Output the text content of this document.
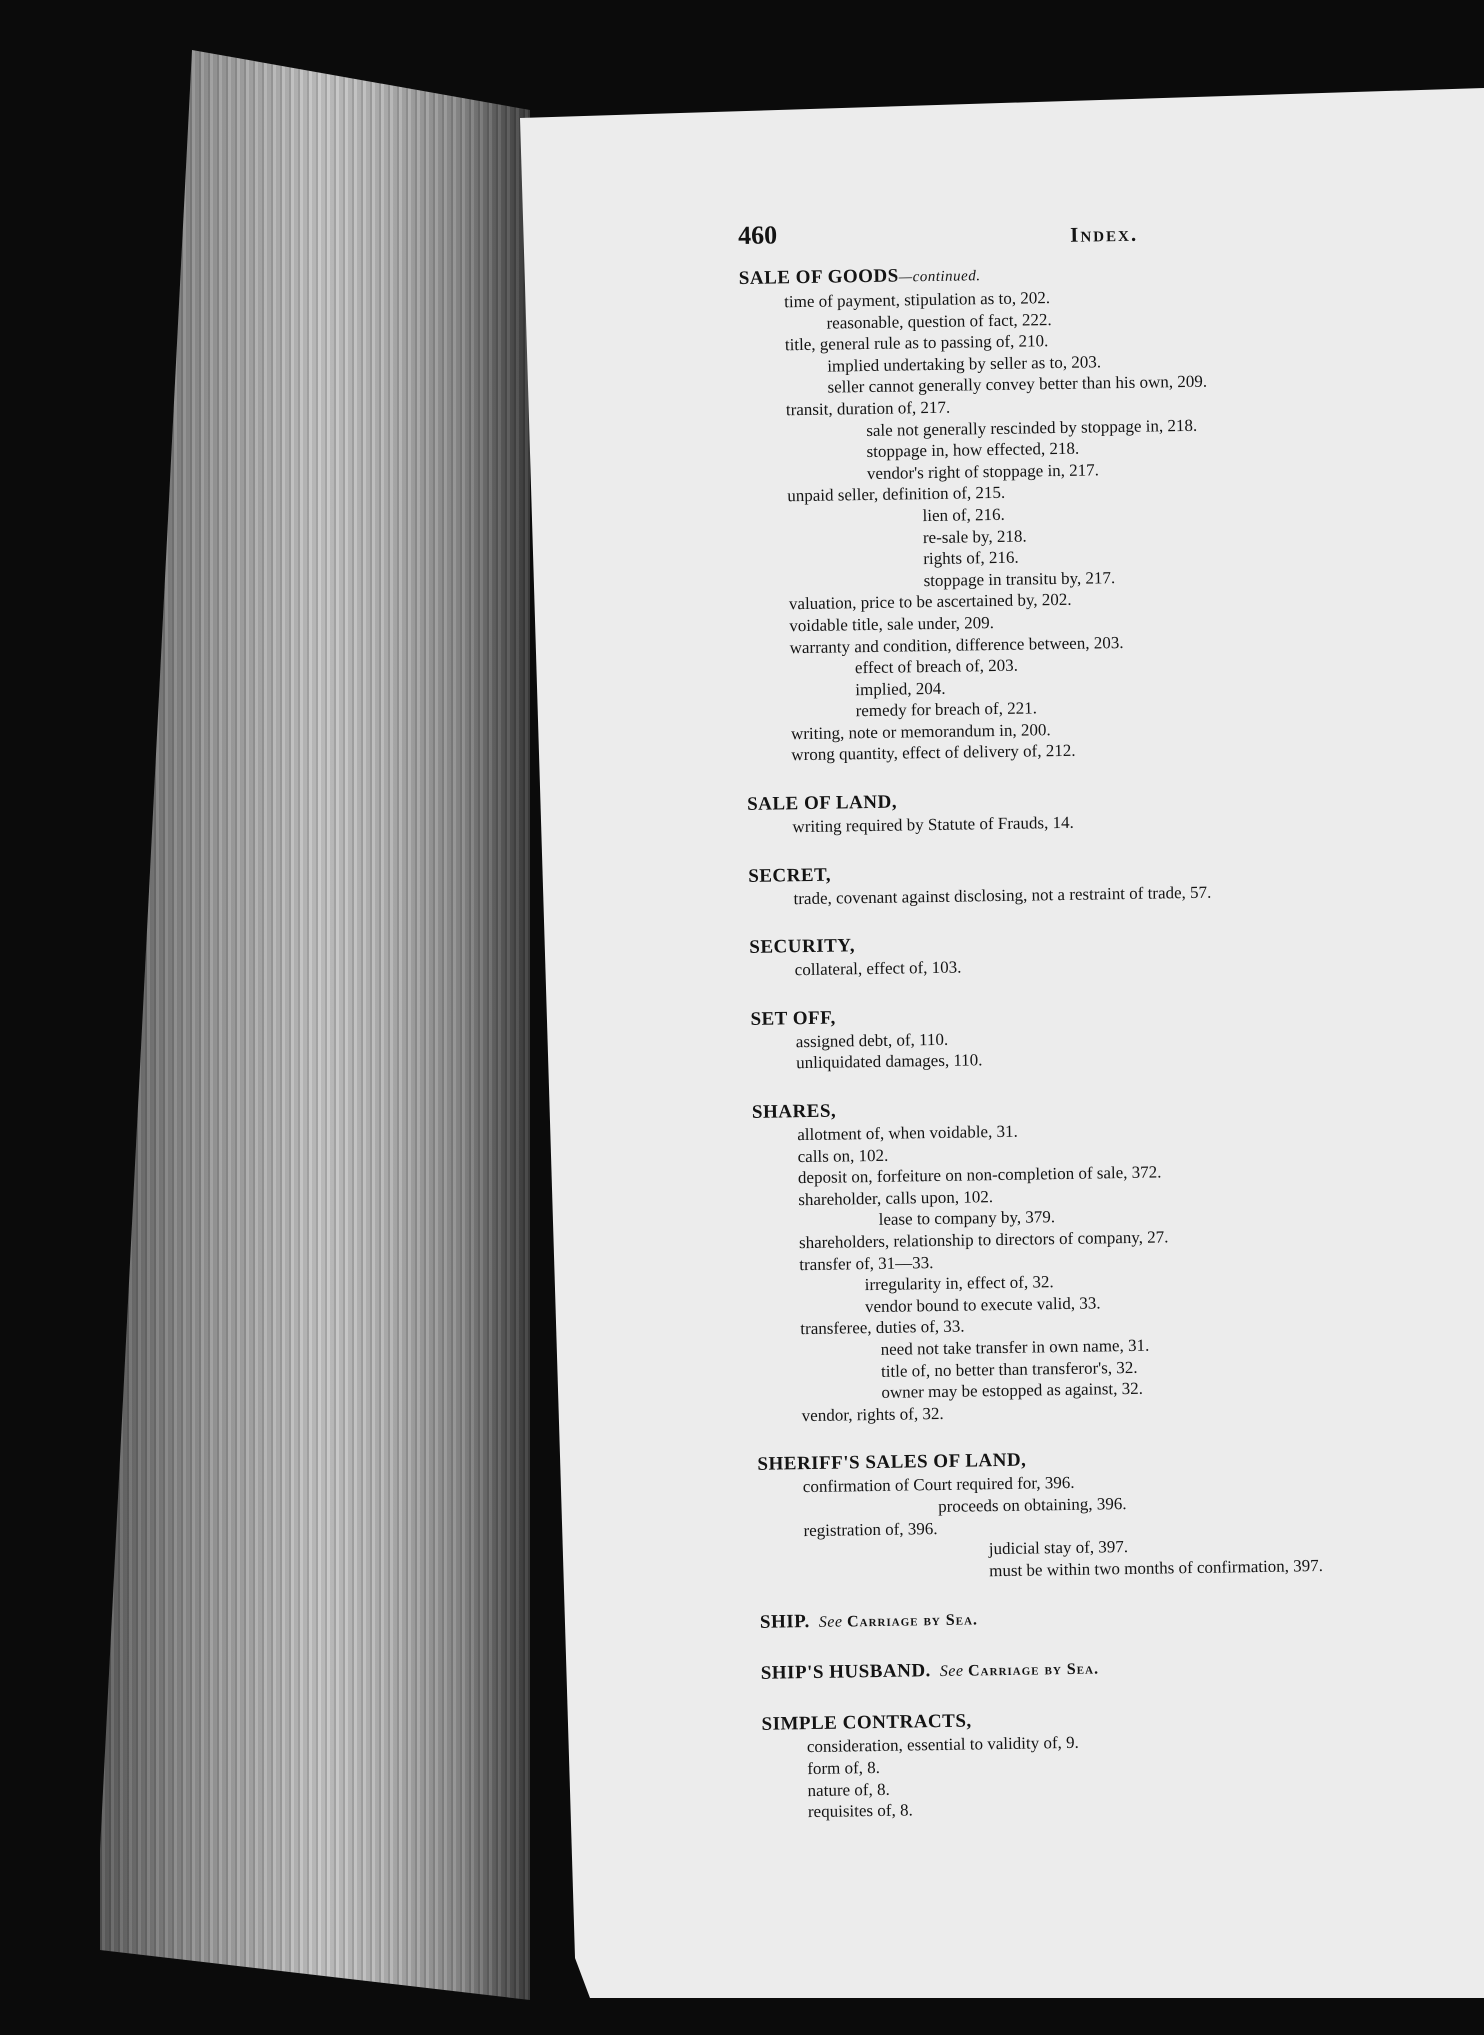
460	Index.
SALE OF GOODS—continued.
time of payment, stipulation as to, 202.
reasonable, question of fact, 222.
title, general rule as to passing of, 210.
implied undertaking by seller as to, 203.
seller cannot generally convey better than his own, 209.
transit, duration of, 217.
sale not generally rescinded by stoppage in, 218.
stoppage in, how effected, 218.
vendor's right of stoppage in, 217.
unpaid seller, definition of, 215.
lien of, 216.
re-sale by, 218.
rights of, 216.
stoppage in transitu by, 217.
valuation, price to be ascertained by, 202.
voidable title, sale under, 209.
warranty and condition, difference between, 203.
effect of breach of, 203.
implied, 204.
remedy for breach of, 221.
writing, note or memorandum in, 200.
wrong quantity, effect of delivery of, 212.
SALE OF LAND,
writing required by Statute of Frauds, 14.
SECRET,
trade, covenant against disclosing, not a restraint of trade, 57.
SECURITY,
collateral, effect of, 103.
SET OFF,
assigned debt, of, 110.
unliquidated damages, 110.
SHARES,
allotment of, when voidable, 31.
calls on, 102.
deposit on, forfeiture on non-completion of sale, 372.
shareholder, calls upon, 102.
lease to company by, 379.
shareholders, relationship to directors of company, 27.
transfer of, 31—33.
irregularity in, effect of, 32.
vendor bound to execute valid, 33.
transferee, duties of, 33.
need not take transfer in own name, 31.
title of, no better than transferor's, 32.
owner may be estopped as against, 32.
vendor, rights of, 32.
SHERIFF'S SALES OF LAND,
confirmation of Court required for, 396.
proceeds on obtaining, 396.
registration of, 396.
judicial stay of, 397.
must be within two months of confirmation, 397.
SHIP. See Carriage by Sea.
SHIP'S HUSBAND. See Carriage by Sea.
SIMPLE CONTRACTS,
consideration, essential to validity of, 9.
form of, 8.
nature of, 8.
requisites of, 8.
